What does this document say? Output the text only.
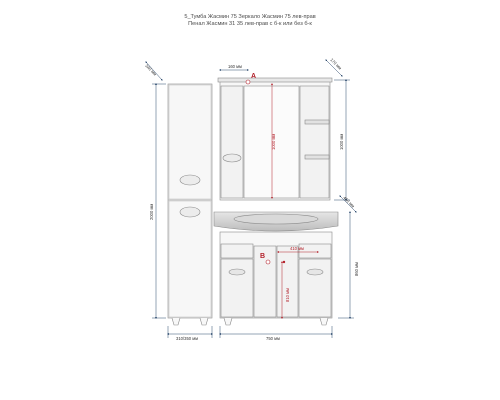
5_Тумба Жасмин 75 Зеркало Жасмин 75 лев-прав
Пенал Жасмин 31 35 лев-прав с б-к или без б-к
A
B
160 мм
1000 мм	1000 мм
170 мм
340 мм
2000 мм
450 мм
860 мм
410 мм
810 мм
310/350 мм	750 мм
